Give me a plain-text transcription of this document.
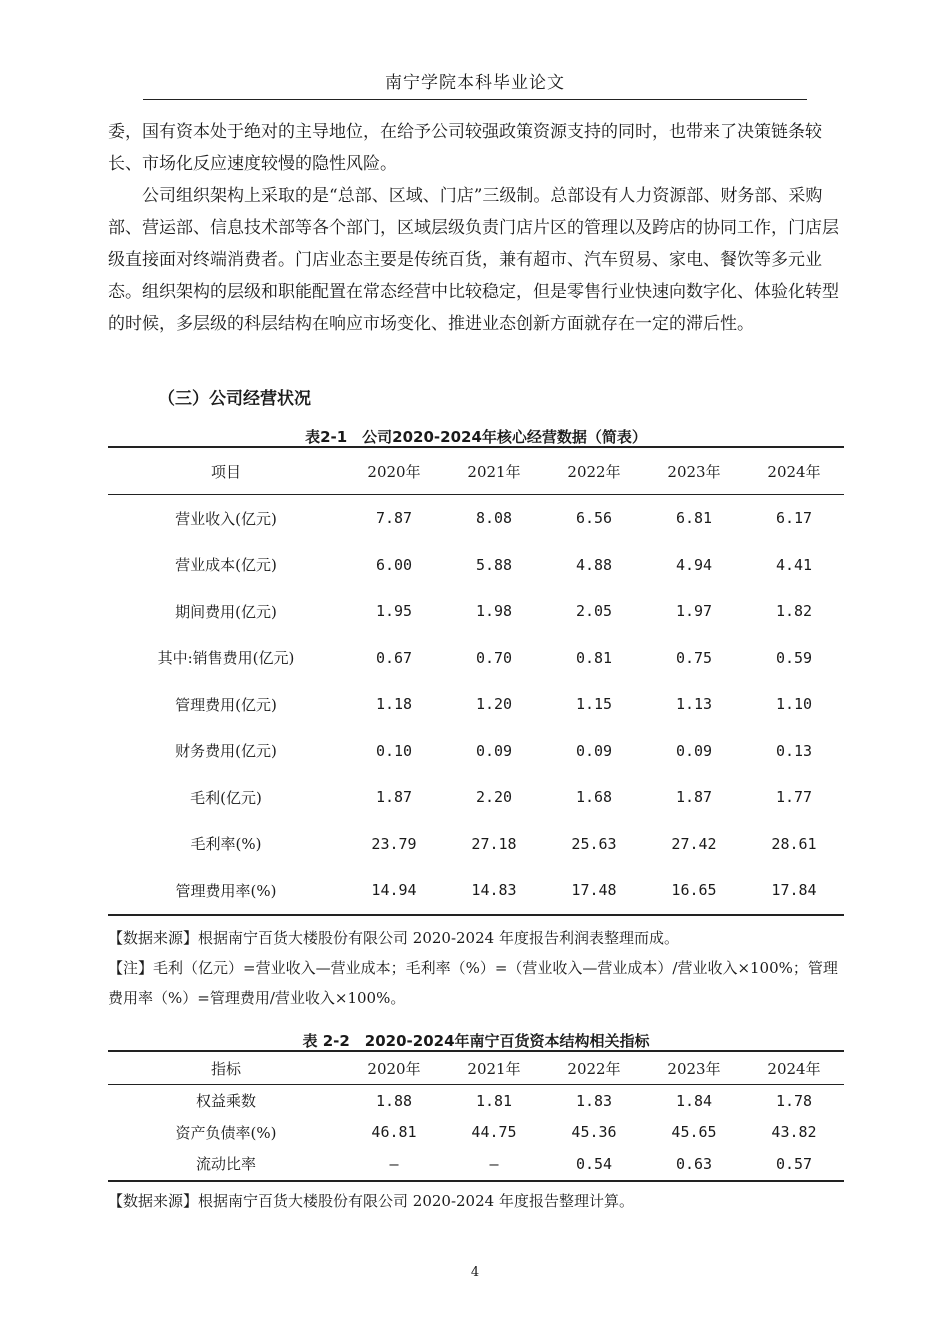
南宁学院本科毕业论文
委，国有资本处于绝对的主导地位，在给予公司较强政策资源支持的同时，也带来了决策链条较长、市场化反应速度较慢的隐性风险。
公司组织架构上采取的是“总部、区域、门店”三级制。总部设有人力资源部、财务部、采购部、营运部、信息技术部等各个部门，区域层级负责门店片区的管理以及跨店的协同工作，门店层级直接面对终端消费者。门店业态主要是传统百货，兼有超市、汽车贸易、家电、餐饮等多元业态。组织架构的层级和职能配置在常态经营中比较稳定，但是零售行业快速向数字化、体验化转型的时候，多层级的科层结构在响应市场变化、推进业态创新方面就存在一定的滞后性。
（三）公司经营状况
表2-1　公司2020-2024年核心经营数据（简表）
项目	2020年	2021年	2022年	2023年	2024年
营业收入(亿元)	7.87	8.08	6.56	6.81	6.17
营业成本(亿元)	6.00	5.88	4.88	4.94	4.41
期间费用(亿元)	1.95	1.98	2.05	1.97	1.82
其中:销售费用(亿元)	0.67	0.70	0.81	0.75	0.59
管理费用(亿元)	1.18	1.20	1.15	1.13	1.10
财务费用(亿元)	0.10	0.09	0.09	0.09	0.13
毛利(亿元)	1.87	2.20	1.68	1.87	1.77
毛利率(%)	23.79	27.18	25.63	27.42	28.61
管理费用率(%)	14.94	14.83	17.48	16.65	17.84
【数据来源】根据南宁百货大楼股份有限公司 2020-2024 年度报告利润表整理而成。
【注】毛利（亿元）=营业收入—营业成本；毛利率（%）=（营业收入—营业成本）/营业收入×100%；管理费用率（%）=管理费用/营业收入×100%。
表 2-2　2020-2024年南宁百货资本结构相关指标
指标	2020年	2021年	2022年	2023年	2024年
权益乘数	1.88	1.81	1.83	1.84	1.78
资产负债率(%)	46.81	44.75	45.36	45.65	43.82
流动比率	—	—	0.54	0.63	0.57
【数据来源】根据南宁百货大楼股份有限公司 2020-2024 年度报告整理计算。
4
